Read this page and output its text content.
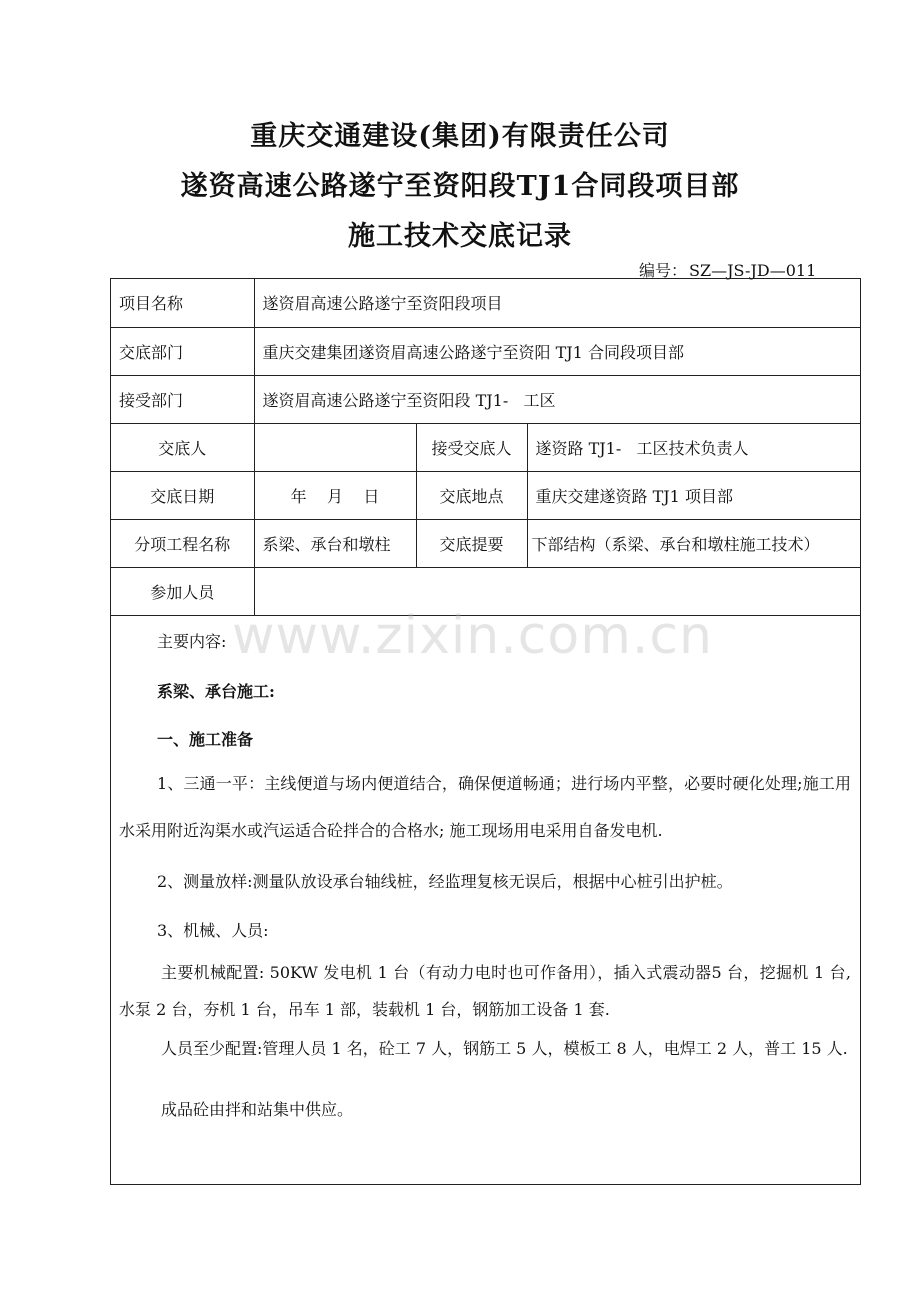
重庆交通建设(集团)有限责任公司
遂资高速公路遂宁至资阳段TJ1合同段项目部
施工技术交底记录
编号： SZ—JS-JD—011
项目名称	遂资眉高速公路遂宁至资阳段项目		
交底部门	重庆交建集团遂资眉高速公路遂宁至资阳 TJ1 合同段项目部		
接受部门	遂资眉高速公路遂宁至资阳段 TJ1-   工区		
交底人		接受交底人	遂资路 TJ1-   工区技术负责人
交底日期	年    月    日	交底地点	重庆交建遂资路 TJ1 项目部
分项工程名称	系梁、承台和墩柱	交底提要	下部结构（系梁、承台和墩柱施工技术）
参加人员			
主要内容:
系梁、承台施工:
一、施工准备
1、三通一平：主线便道与场内便道结合，确保便道畅通；进行场内平整，必要时硬化处理;施工用水采用附近沟渠水或汽运适合砼拌合的合格水; 施工现场用电采用自备发电机.
2、测量放样:测量队放设承台轴线桩，经监理复核无误后，根据中心桩引出护桩。
3、机械、人员:
主要机械配置: 50KW 发电机 1 台（有动力电时也可作备用），插入式震动器5 台，挖掘机 1 台,水泵 2 台，夯机 1 台，吊车 1 部，装载机 1 台，钢筋加工设备 1 套.
人员至少配置:管理人员 1 名，砼工 7 人，钢筋工 5 人，模板工 8 人，电焊工 2 人，普工 15 人.
成品砼由拌和站集中供应。
www.zixin.com.cn
